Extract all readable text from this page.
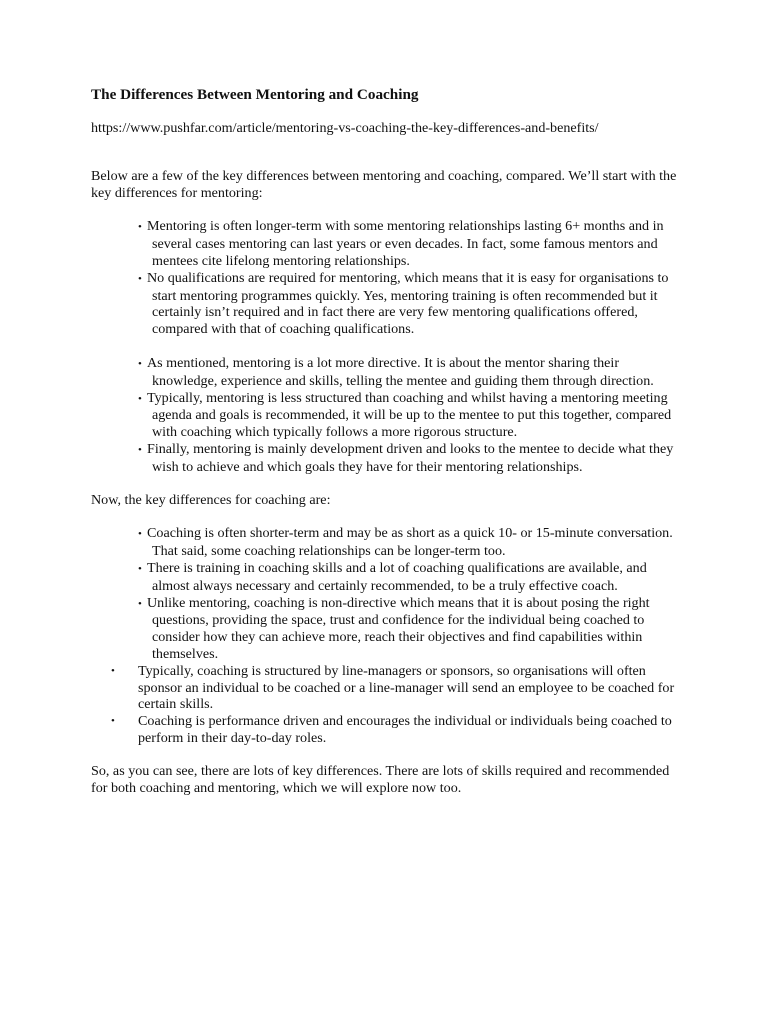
The Differences Between Mentoring and Coaching
https://www.pushfar.com/article/mentoring-vs-coaching-the-key-differences-and-benefits/

Below are a few of the key differences between mentoring and coaching, compared. We’ll start with the key differences for mentoring:

• Mentoring is often longer-term with some mentoring relationships lasting 6+ months and in several cases mentoring can last years or even decades. In fact, some famous mentors and mentees cite lifelong mentoring relationships.
• No qualifications are required for mentoring, which means that it is easy for organisations to start mentoring programmes quickly. Yes, mentoring training is often recommended but it certainly isn’t required and in fact there are very few mentoring qualifications offered, compared with that of coaching qualifications.
• As mentioned, mentoring is a lot more directive. It is about the mentor sharing their knowledge, experience and skills, telling the mentee and guiding them through direction.
• Typically, mentoring is less structured than coaching and whilst having a mentoring meeting agenda and goals is recommended, it will be up to the mentee to put this together, compared with coaching which typically follows a more rigorous structure.
• Finally, mentoring is mainly development driven and looks to the mentee to decide what they wish to achieve and which goals they have for their mentoring relationships.

Now, the key differences for coaching are:

• Coaching is often shorter-term and may be as short as a quick 10- or 15-minute conversation. That said, some coaching relationships can be longer-term too.
• There is training in coaching skills and a lot of coaching qualifications are available, and almost always necessary and certainly recommended, to be a truly effective coach.
• Unlike mentoring, coaching is non-directive which means that it is about posing the right questions, providing the space, trust and confidence for the individual being coached to consider how they can achieve more, reach their objectives and find capabilities within themselves.
• Typically, coaching is structured by line-managers or sponsors, so organisations will often sponsor an individual to be coached or a line-manager will send an employee to be coached for certain skills.
• Coaching is performance driven and encourages the individual or individuals being coached to perform in their day-to-day roles.

So, as you can see, there are lots of key differences. There are lots of skills required and recommended for both coaching and mentoring, which we will explore now too.
